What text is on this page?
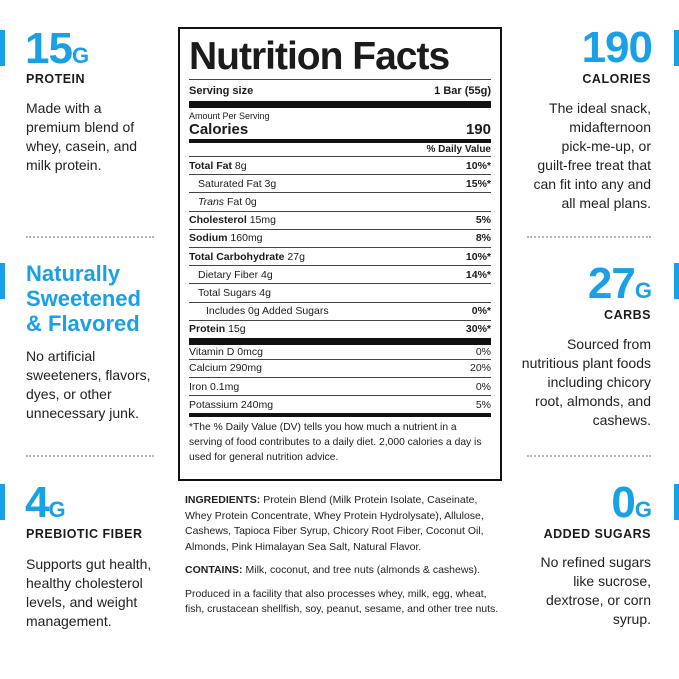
15G
PROTEIN
Made with a
premium blend of
whey, casein, and
milk protein.
Naturally
Sweetened
& Flavored
No artificial
sweeteners, flavors,
dyes, or other
unnecessary junk.
4G
PREBIOTIC FIBER
Supports gut health,
healthy cholesterol
levels, and weight
management.
190
CALORIES
The ideal snack,
midafternoon
pick-me-up, or
guilt-free treat that
can fit into any and
all meal plans.
27G
CARBS
Sourced from
nutritious plant foods
including chicory
root, almonds, and
cashews.
0G
ADDED SUGARS
No refined sugars
like sucrose,
dextrose, or corn
syrup.
Nutrition Facts
Serving size	1 Bar (55g)
Amount Per Serving
Calories	190
% Daily Value
Total Fat 8g	10%*
Saturated Fat 3g	15%*
Trans Fat 0g
Cholesterol 15mg	5%
Sodium 160mg	8%
Total Carbohydrate 27g	10%*
Dietary Fiber 4g	14%*
Total Sugars 4g
Includes 0g Added Sugars	0%*
Protein 15g	30%*
Vitamin D 0mcg	0%
Calcium 290mg	20%
Iron 0.1mg	0%
Potassium 240mg	5%
*The % Daily Value (DV) tells you how much a nutrient in a serving of food contributes to a daily diet. 2,000 calories a day is used for general nutrition advice.

INGREDIENTS: Protein Blend (Milk Protein Isolate, Caseinate, Whey Protein Concentrate, Whey Protein Hydrolysate), Allulose, Cashews, Tapioca Fiber Syrup, Chicory Root Fiber, Coconut Oil, Almonds, Pink Himalayan Sea Salt, Natural Flavor.

CONTAINS: Milk, coconut, and tree nuts (almonds & cashews).

Produced in a facility that also processes whey, milk, egg, wheat, fish, crustacean shellfish, soy, peanut, sesame, and other tree nuts.
